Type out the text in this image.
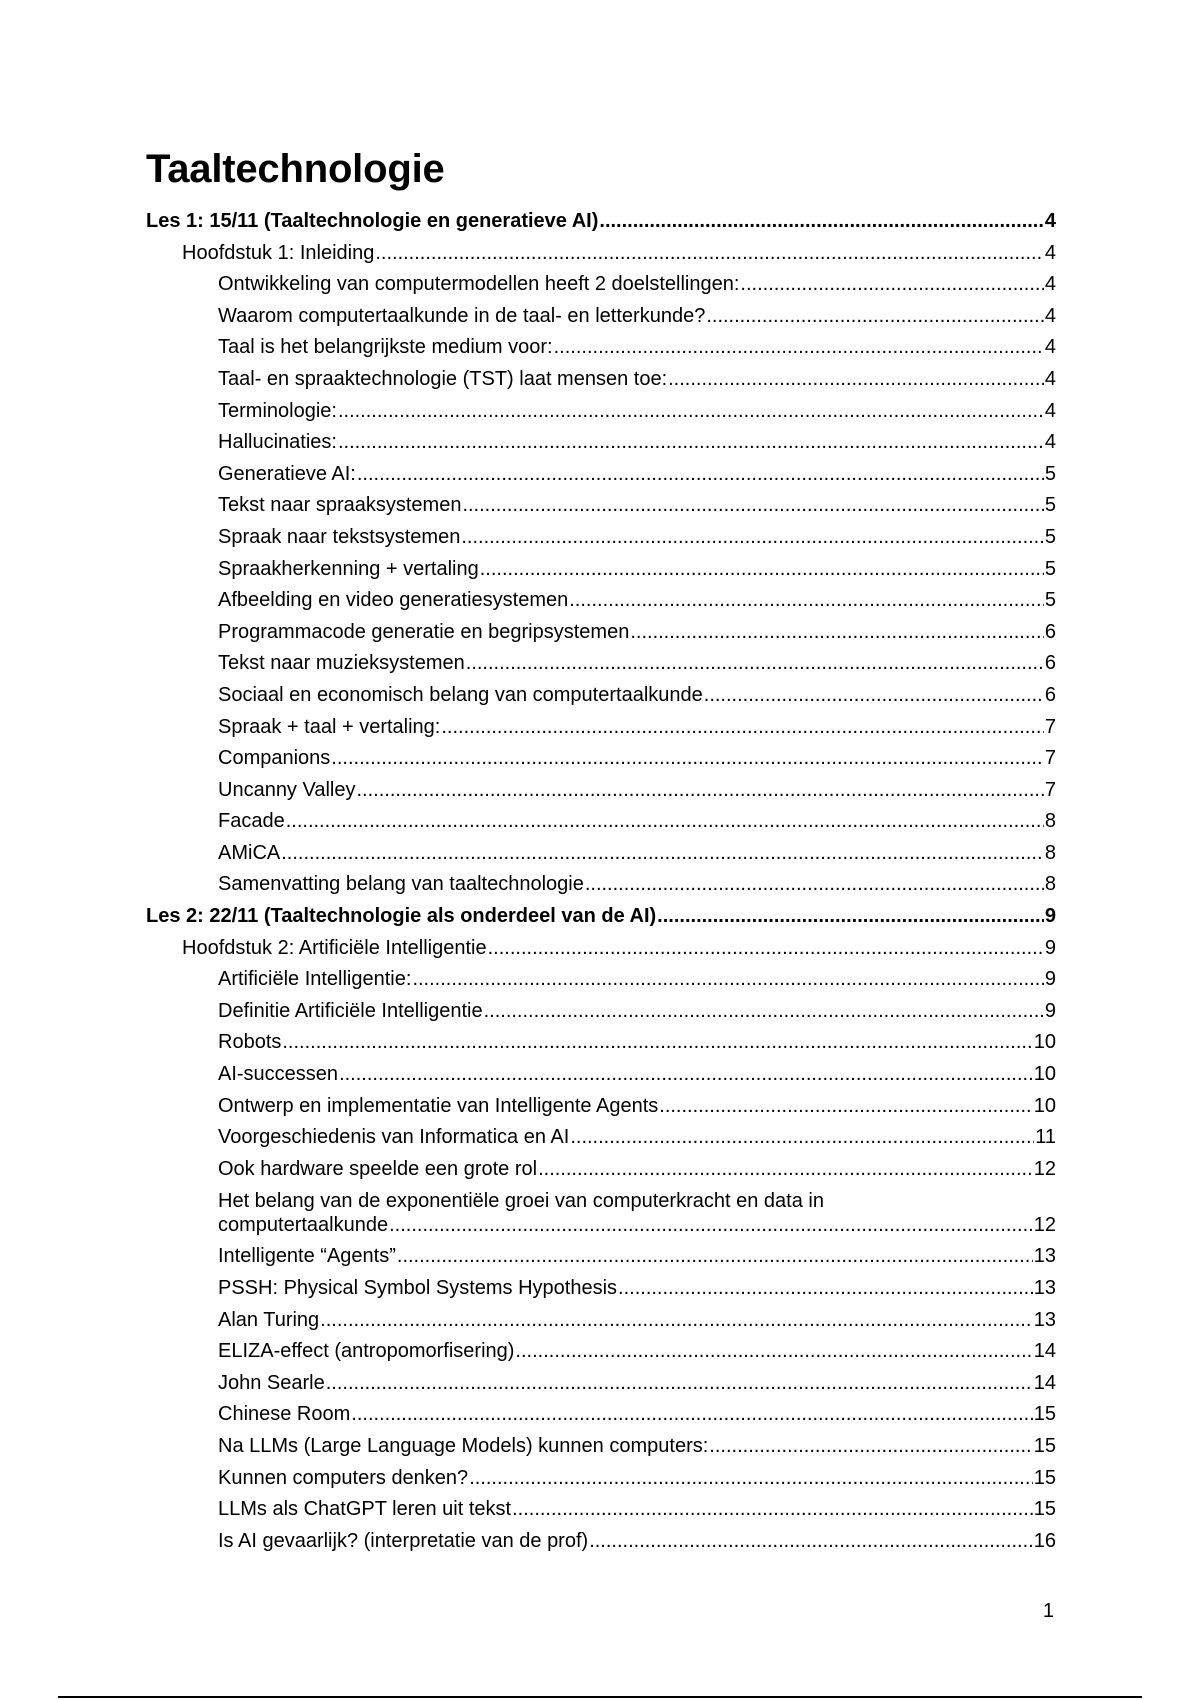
Taaltechnologie
Les 1: 15/11 (Taaltechnologie en generatieve AI) .....	4
Hoofdstuk 1: Inleiding .....	4
Ontwikkeling van computermodellen heeft 2 doelstellingen: .....	4
Waarom computertaalkunde in de taal- en letterkunde? .....	4
Taal is het belangrijkste medium voor: .....	4
Taal- en spraaktechnologie (TST) laat mensen toe: .....	4
Terminologie: .....	4
Hallucinaties: .....	4
Generatieve AI: .....	5
Tekst naar spraaksystemen .....	5
Spraak naar tekstsystemen .....	5
Spraakherkenning + vertaling .....	5
Afbeelding en video generatiesystemen .....	5
Programmacode generatie en begripsystemen .....	6
Tekst naar muzieksystemen .....	6
Sociaal en economisch belang van computertaalkunde .....	6
Spraak + taal + vertaling: .....	7
Companions .....	7
Uncanny Valley .....	7
Facade .....	8
AMiCA .....	8
Samenvatting belang van taaltechnologie .....	8
Les 2: 22/11 (Taaltechnologie als onderdeel van de AI) .....	9
Hoofdstuk 2: Artificiële Intelligentie .....	9
Artificiële Intelligentie: .....	9
Definitie Artificiële Intelligentie .....	9
Robots .....	10
AI-successen .....	10
Ontwerp en implementatie van Intelligente Agents .....	10
Voorgeschiedenis van Informatica en AI .....	11
Ook hardware speelde een grote rol .....	12
Het belang van de exponentiële groei van computerkracht en data in
computertaalkunde .....	12
Intelligente “Agents” .....	13
PSSH: Physical Symbol Systems Hypothesis .....	13
Alan Turing .....	13
ELIZA-effect (antropomorfisering) .....	14
John Searle .....	14
Chinese Room .....	15
Na LLMs (Large Language Models) kunnen computers: .....	15
Kunnen computers denken? .....	15
LLMs als ChatGPT leren uit tekst .....	15
Is AI gevaarlijk? (interpretatie van de prof) .....	16
1
